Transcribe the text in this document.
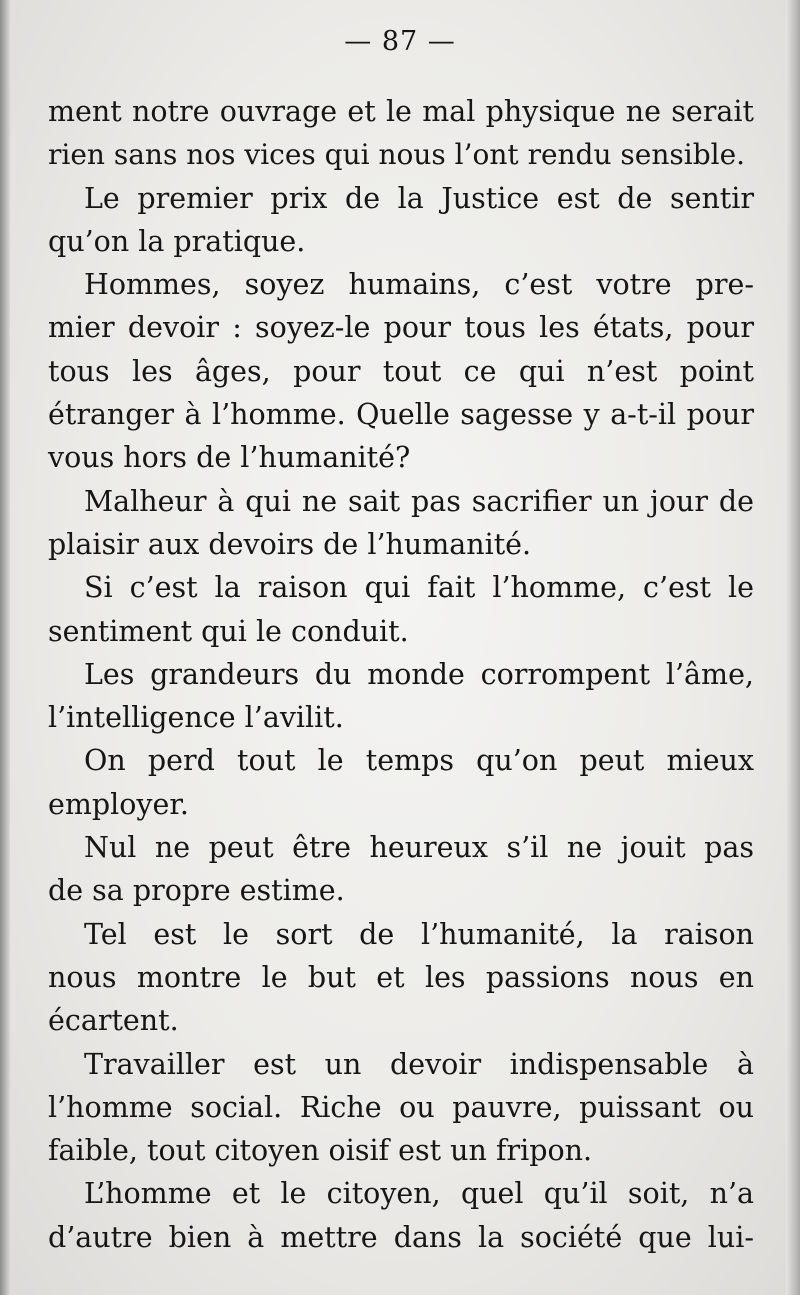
— 87 —
ment notre ouvrage et le mal physique ne serait
rien sans nos vices qui nous l’ont rendu sensible.
Le premier prix de la Justice est de sentir
qu’on la pratique.
Hommes, soyez humains, c’est votre pre-
mier devoir : soyez-le pour tous les états, pour
tous les âges, pour tout ce qui n’est point
étranger à l’homme. Quelle sagesse y a-t-il pour
vous hors de l’humanité?
Malheur à qui ne sait pas sacrifier un jour de
plaisir aux devoirs de l’humanité.
Si c’est la raison qui fait l’homme, c’est le
sentiment qui le conduit.
Les grandeurs du monde corrompent l’âme,
l’intelligence l’avilit.
On perd tout le temps qu’on peut mieux
employer.
Nul ne peut être heureux s’il ne jouit pas
de sa propre estime.
Tel est le sort de l’humanité, la raison
nous montre le but et les passions nous en
écartent.
Travailler est un devoir indispensable à
l’homme social. Riche ou pauvre, puissant ou
faible, tout citoyen oisif est un fripon.
L’homme et le citoyen, quel qu’il soit, n’a
d’autre bien à mettre dans la société que lui-
